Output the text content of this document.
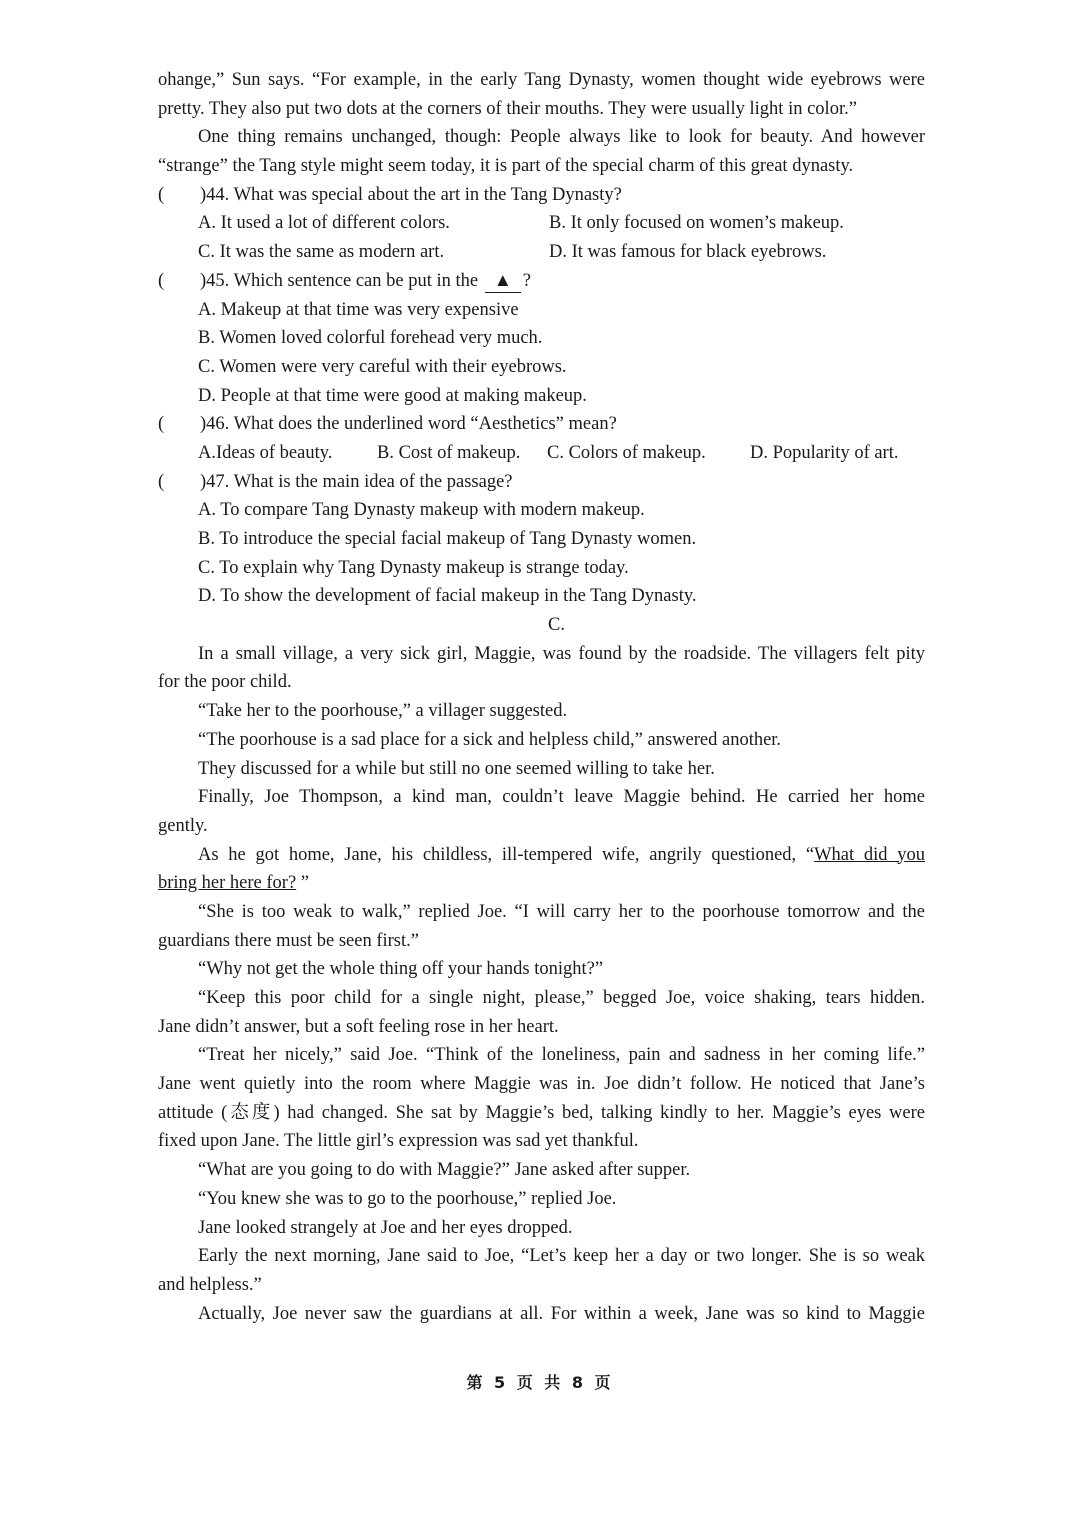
ohange,” Sun says. “For example, in the early Tang Dynasty, women thought wide eyebrows were
pretty. They also put two dots at the corners of their mouths. They were usually light in color.”
One thing remains unchanged, though: People always like to look for beauty. And however
“strange” the Tang style might seem today, it is part of the special charm of this great dynasty.
(	)44. What was special about the art in the Tang Dynasty?
A. It used a lot of different colors.	B. It only focused on women’s makeup.
C. It was the same as modern art.	D. It was famous for black eyebrows.
(	)45. Which sentence can be put in the ▲ ?
A. Makeup at that time was very expensive
B. Women loved colorful forehead very much.
C. Women were very careful with their eyebrows.
D. People at that time were good at making makeup.
(	)46. What does the underlined word “Aesthetics” mean?
A.Ideas of beauty.	B. Cost of makeup.	C. Colors of makeup.	D. Popularity of art.
(	)47. What is the main idea of the passage?
A. To compare Tang Dynasty makeup with modern makeup.
B. To introduce the special facial makeup of Tang Dynasty women.
C. To explain why Tang Dynasty makeup is strange today.
D. To show the development of facial makeup in the Tang Dynasty.
C.
In a small village, a very sick girl, Maggie, was found by the roadside. The villagers felt pity
for the poor child.
“Take her to the poorhouse,” a villager suggested.
“The poorhouse is a sad place for a sick and helpless child,” answered another.
They discussed for a while but still no one seemed willing to take her.
Finally, Joe Thompson, a kind man, couldn’t leave Maggie behind. He carried her home
gently.
As he got home, Jane, his childless, ill-tempered wife, angrily questioned, “What did you
bring her here for? ”
“She is too weak to walk,” replied Joe. “I will carry her to the poorhouse tomorrow and the
guardians there must be seen first.”
“Why not get the whole thing off your hands tonight?”
“Keep this poor child for a single night, please,” begged Joe, voice shaking, tears hidden.
Jane didn’t answer, but a soft feeling rose in her heart.
“Treat her nicely,” said Joe. “Think of the loneliness, pain and sadness in her coming life.”
Jane went quietly into the room where Maggie was in. Joe didn’t follow. He noticed that Jane’s
attitude (态度) had changed. She sat by Maggie’s bed, talking kindly to her. Maggie’s eyes were
fixed upon Jane. The little girl’s expression was sad yet thankful.
“What are you going to do with Maggie?” Jane asked after supper.
“You knew she was to go to the poorhouse,” replied Joe.
Jane looked strangely at Joe and her eyes dropped.
Early the next morning, Jane said to Joe, “Let’s keep her a day or two longer. She is so weak
and helpless.”
Actually, Joe never saw the guardians at all. For within a week, Jane was so kind to Maggie
第 5 页 共 8 页
